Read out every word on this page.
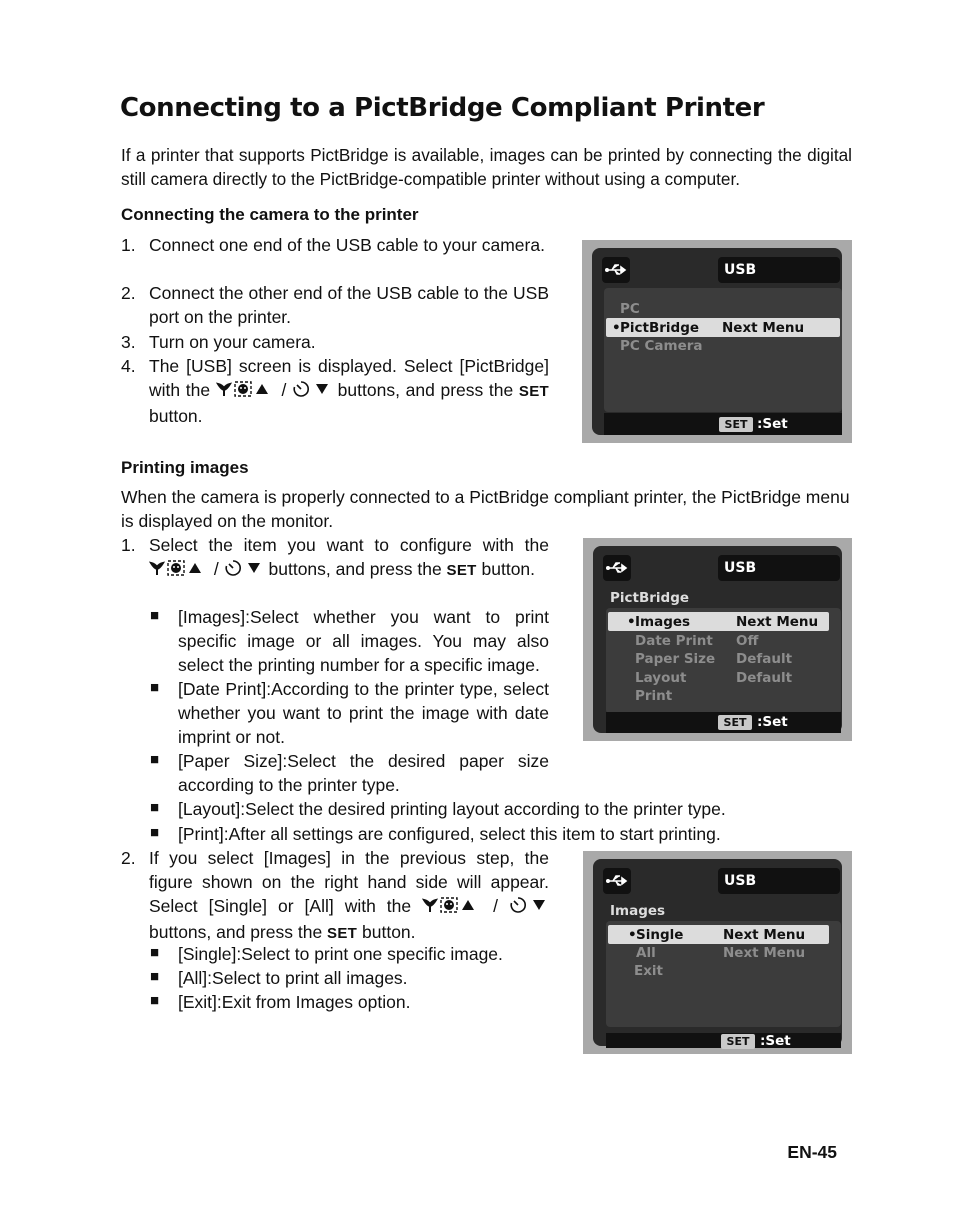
Connecting to a PictBridge Compliant Printer
If a printer that supports PictBridge is available, images can be printed by connecting the digital still camera directly to the PictBridge-compatible printer without using a computer.
Connecting the camera to the printer
1. Connect one end of the USB cable to your camera.
2. Connect the other end of the USB cable to the USB port on the printer.
3. Turn on your camera.
4. The [USB] screen is displayed. Select [PictBridge] with the	/	buttons, and press the SET button.
USB
PC
• PictBridge Next Menu
PC Camera
SET :Set
Printing images
When the camera is properly connected to a PictBridge compliant printer, the PictBridge menu is displayed on the monitor.
1. Select the item you want to configure with the  /	buttons, and press the SET button.
■ [Images]:Select whether you want to print specific image or all images. You may also select the printing number for a specific image.
■ [Date Print]:According to the printer type, select whether you want to print the image with date imprint or not.
■ [Paper Size]:Select the desired paper size according to the printer type.
■ [Layout]:Select the desired printing layout according to the printer type.
■ [Print]:After all settings are configured, select this item to start printing.
USB
PictBridge
• Images	Next Menu
Date Print Off
Paper Size Default
Layout	Default
Print
SET :Set
2. If you select [Images] in the previous step, the figure shown on the right hand side will appear. Select [Single] or [All] with the	/  buttons, and press the SET button.
■ [Single]:Select to print one specific image.
■ [All]:Select to print all images.
■ [Exit]:Exit from Images option.
USB
Images
• Single	Next Menu
All	Next Menu
Exit
SET :Set
EN-45
